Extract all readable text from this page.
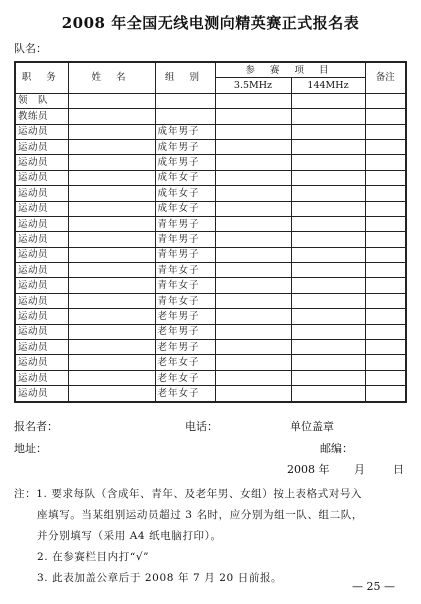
2008 年全国无线电测向精英赛正式报名表
队名：
职 务	姓 名	组 别	参 赛 项 目		备注
			3.5MHz	144MHz	
领　队					
教练员					
运动员		成年男子			
运动员		成年男子			
运动员		成年男子			
运动员		成年女子			
运动员		成年女子			
运动员		成年女子			
运动员		青年男子			
运动员		青年男子			
运动员		青年男子			
运动员		青年女子			
运动员		青年女子			
运动员		青年女子			
运动员		老年男子			
运动员		老年男子			
运动员		老年男子			
运动员		老年女子			
运动员		老年女子			
运动员		老年女子			
报名者：	电话：	单位盖章
地址：	邮编：
2008 年 月	日
注：1. 要求每队（含成年、青年、及老年男、女组）按上表格式对号入
座填写。当某组别运动员超过 3 名时，应分别为组一队、组二队，
并分别填写（采用 A4 纸电脑打印）。
2. 在参赛栏目内打“√”
3. 此表加盖公章后于 2008 年 7 月 20 日前报。
— 25 —
